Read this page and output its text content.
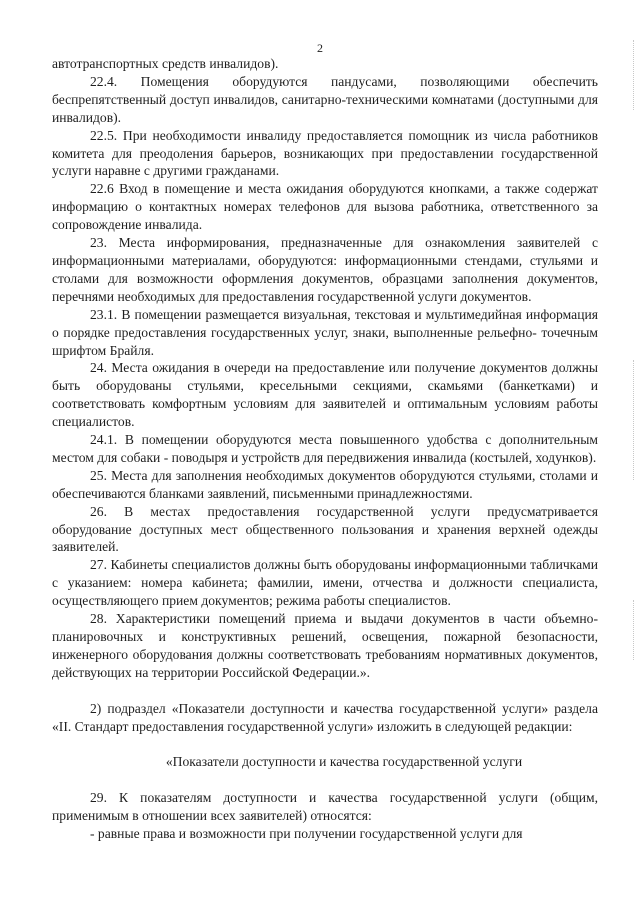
2

автотранспортных средств инвалидов).

22.4. Помещения оборудуются пандусами, позволяющими обеспечить беспрепятственный доступ инвалидов, санитарно-техническими комнатами (доступными для инвалидов).

22.5. При необходимости инвалиду предоставляется помощник из числа работников комитета для преодоления барьеров, возникающих при предоставлении государственной услуги наравне с другими гражданами.

22.6 Вход в помещение и места ожидания оборудуются кнопками, а также содержат информацию о контактных номерах телефонов для вызова работника, ответственного за сопровождение инвалида.

23. Места информирования, предназначенные для ознакомления заявителей с информационными материалами, оборудуются: информационными стендами, стульями и столами для возможности оформления документов, образцами заполнения документов, перечнями необходимых для предоставления государственной услуги документов.

23.1. В помещении размещается визуальная, текстовая и мультимедийная информация о порядке предоставления государственных услуг, знаки, выполненные рельефно- точечным шрифтом Брайля.

24. Места ожидания в очереди на предоставление или получение документов должны быть оборудованы стульями, кресельными секциями, скамьями (банкетками) и соответствовать комфортным условиям для заявителей и оптимальным условиям работы специалистов.

24.1. В помещении оборудуются места повышенного удобства с дополнительным местом для собаки - поводыря и устройств для передвижения инвалида (костылей, ходунков).

25. Места для заполнения необходимых документов оборудуются стульями, столами и обеспечиваются бланками заявлений, письменными принадлежностями.

26. В местах предоставления государственной услуги предусматривается оборудование доступных мест общественного пользования и хранения верхней одежды заявителей.

27. Кабинеты специалистов должны быть оборудованы информационными табличками с указанием: номера кабинета; фамилии, имени, отчества и должности специалиста, осуществляющего прием документов; режима работы специалистов.

28. Характеристики помещений приема и выдачи документов в части объемно-планировочных и конструктивных решений, освещения, пожарной безопасности, инженерного оборудования должны соответствовать требованиям нормативных документов, действующих на территории Российской Федерации.».

2) подраздел «Показатели доступности и качества государственной услуги» раздела «II. Стандарт предоставления государственной услуги» изложить в следующей редакции:

«Показатели доступности и качества государственной услуги

29. К показателям доступности и качества государственной услуги (общим, применимым в отношении всех заявителей) относятся:

- равные права и возможности при получении государственной услуги для
